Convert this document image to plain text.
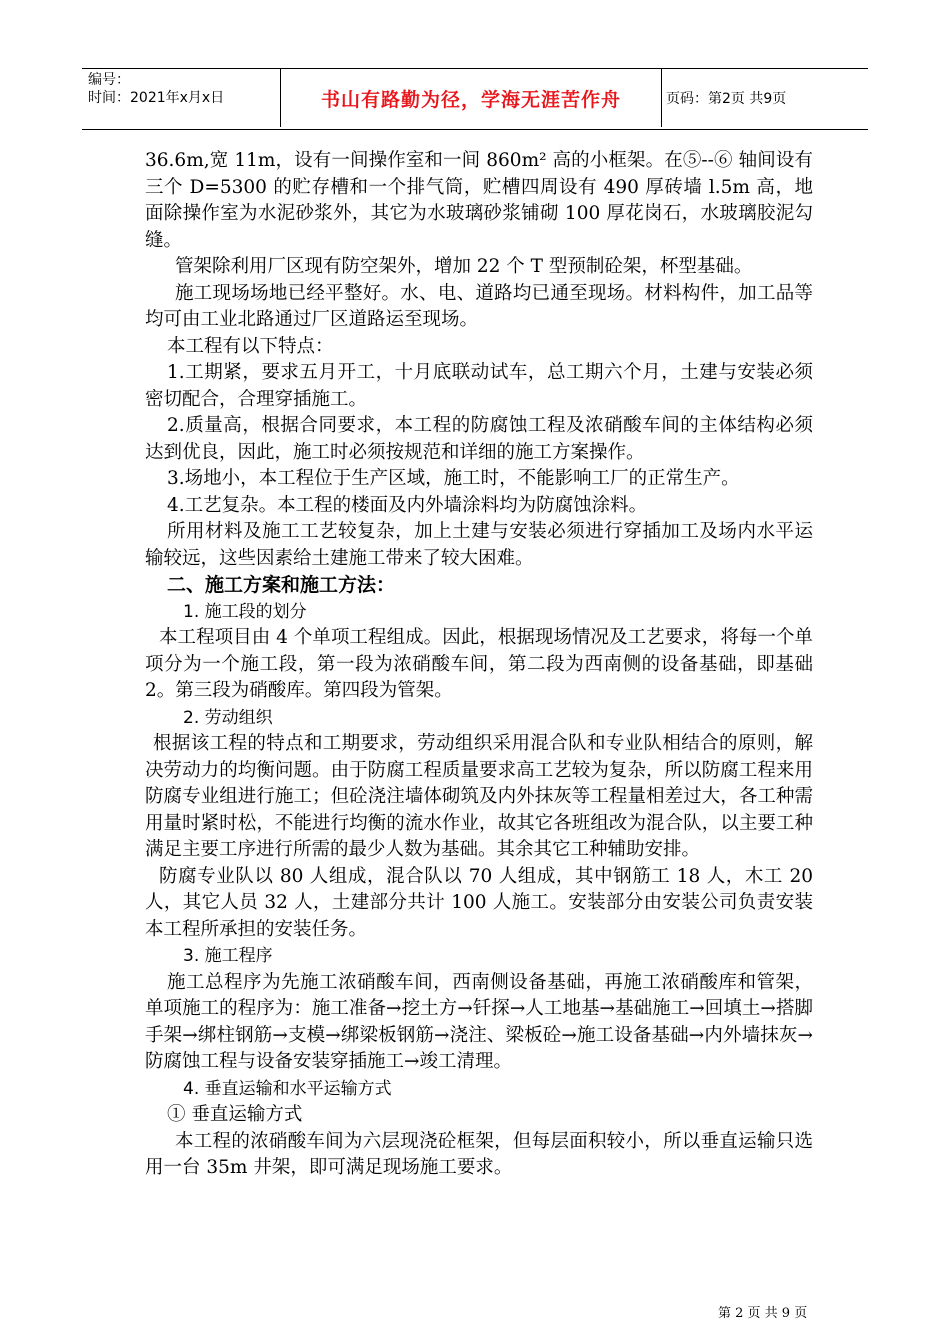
编号：
时间：2021年x月x日	书山有路勤为径，学海无涯苦作舟	页码：第2页 共9页

36.6m,宽 11m，设有一间操作室和一间 860m² 高的小框架。在⑤--⑥ 轴间设有三个 D=5300 的贮存槽和一个排气筒，贮槽四周设有 490 厚砖墙 l.5m 高，地面除操作室为水泥砂浆外，其它为水玻璃砂浆铺砌 100 厚花岗石，水玻璃胶泥勾缝。

管架除利用厂区现有防空架外，增加 22 个 T 型预制砼架，杯型基础。

施工现场场地已经平整好。水、电、道路均已通至现场。材料构件，加工品等均可由工业北路通过厂区道路运至现场。

本工程有以下特点：

1.工期紧，要求五月开工，十月底联动试车，总工期六个月，土建与安装必须密切配合，合理穿插施工。

2.质量高，根据合同要求，本工程的防腐蚀工程及浓硝酸车间的主体结构必须达到优良，因此，施工时必须按规范和详细的施工方案操作。

3.场地小，本工程位于生产区域，施工时，不能影响工厂的正常生产。

4.工艺复杂。本工程的楼面及内外墙涂料均为防腐蚀涂料。

所用材料及施工工艺较复杂，加上土建与安装必须进行穿插加工及场内水平运输较远，这些因素给土建施工带来了较大困难。

二、施工方案和施工方法：

1. 施工段的划分

本工程项目由 4 个单项工程组成。因此，根据现场情况及工艺要求，将每一个单项分为一个施工段，第一段为浓硝酸车间，第二段为西南侧的设备基础，即基础 2。第三段为硝酸库。第四段为管架。

2. 劳动组织

根据该工程的特点和工期要求，劳动组织采用混合队和专业队相结合的原则，解决劳动力的均衡问题。由于防腐工程质量要求高工艺较为复杂，所以防腐工程来用防腐专业组进行施工；但砼浇注墙体砌筑及内外抹灰等工程量相差过大，各工种需用量时紧时松，不能进行均衡的流水作业，故其它各班组改为混合队，以主要工种满足主要工序进行所需的最少人数为基础。其余其它工种辅助安排。

防腐专业队以 80 人组成，混合队以 70 人组成，其中钢筋工 18 人，木工 20 人，其它人员 32 人，土建部分共计 100 人施工。安装部分由安装公司负责安装本工程所承担的安装任务。

3. 施工程序

施工总程序为先施工浓硝酸车间，西南侧设备基础，再施工浓硝酸库和管架，单项施工的程序为：施工准备→挖土方→钎探→人工地基→基础施工→回填土→搭脚手架→绑柱钢筋→支模→绑梁板钢筋→浇注、梁板砼→施工设备基础→内外墙抹灰→防腐蚀工程与设备安装穿插施工→竣工清理。

4. 垂直运输和水平运输方式

① 垂直运输方式

本工程的浓硝酸车间为六层现浇砼框架，但每层面积较小，所以垂直运输只选用一台 35m 井架，即可满足现场施工要求。

第 2 页 共 9 页
